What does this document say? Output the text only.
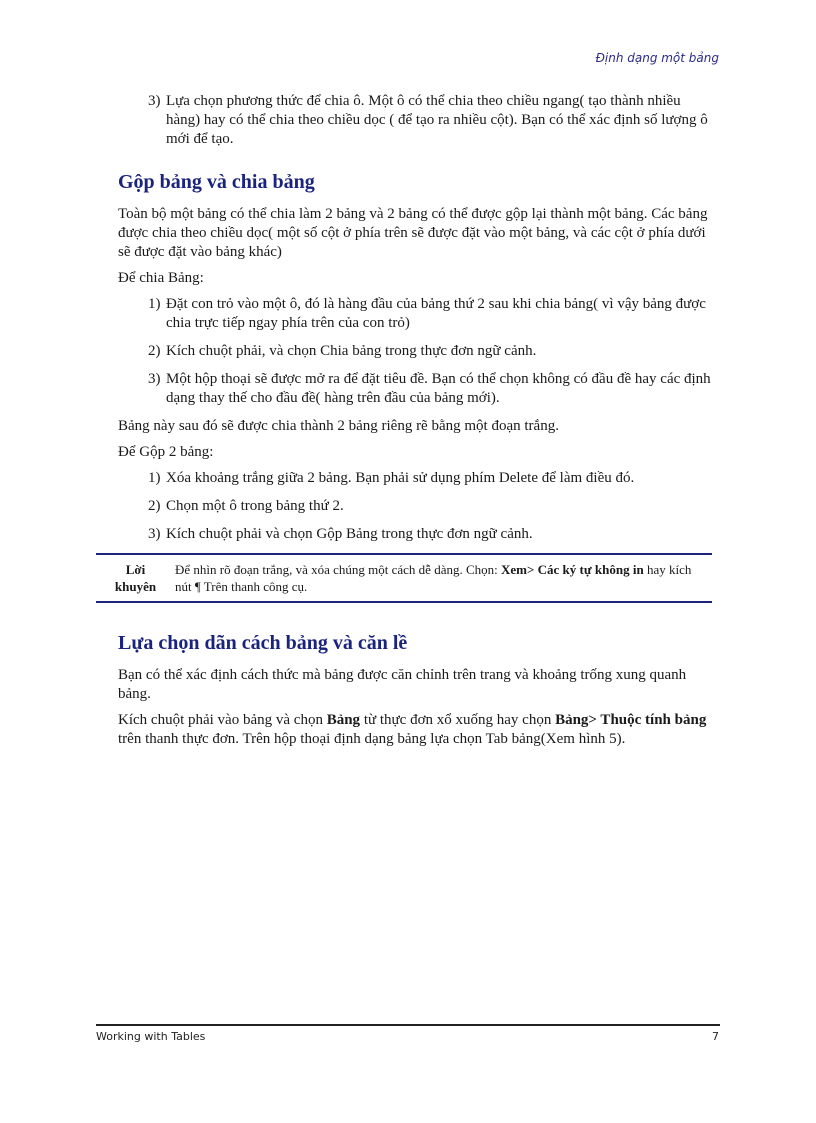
Định dạng một bảng
3) Lựa chọn phương thức để chia ô. Một ô có thể chia theo chiều ngang( tạo thành nhiều hàng) hay có thể chia theo chiều dọc ( để tạo ra nhiều cột). Bạn có thể xác định số lượng ô mới để tạo.
Gộp bảng và chia bảng

Toàn bộ một bảng có thể chia làm 2 bảng và 2 bảng có thể được gộp lại thành một bảng. Các bảng được chia theo chiều dọc( một số cột ở phía trên sẽ được đặt vào một bảng, và các cột ở phía dưới sẽ được đặt vào bảng khác)

Để chia Bảng:

1) Đặt con trỏ vào một ô, đó là hàng đầu của bảng thứ 2 sau khi chia bảng( vì vậy bảng được chia trực tiếp ngay phía trên của con trỏ)
2) Kích chuột phải, và chọn Chia bảng trong thực đơn ngữ cảnh.
3) Một hộp thoại sẽ được mở ra để đặt tiêu đề. Bạn có thể chọn không có đầu đề hay các định dạng thay thế cho đầu đề( hàng trên đầu của bảng mới).

Bảng này sau đó sẽ được chia thành 2 bảng riêng rẽ bằng một đoạn trắng.

Để Gộp 2 bảng:

1) Xóa khoảng trắng giữa 2 bảng. Bạn phải sử dụng phím Delete để làm điều đó.
2) Chọn một ô trong bảng thứ 2.
3) Kích chuột phải và chọn Gộp Bảng trong thực đơn ngữ cảnh.
Lời
khuyên
Để nhìn rõ đoạn trắng, và xóa chúng một cách dễ dàng. Chọn: Xem> Các ký tự không in hay kích nút ¶ Trên thanh công cụ.
Lựa chọn dãn cách bảng và căn lề

Bạn có thể xác định cách thức mà bảng được căn chỉnh trên trang và khoảng trống xung quanh bảng.

Kích chuột phải vào bảng và chọn Bảng từ thực đơn xổ xuống hay chọn Bảng> Thuộc tính bảng trên thanh thực đơn. Trên hộp thoại định dạng bảng lựa chọn Tab bảng(Xem hình 5).

Working with Tables	7
